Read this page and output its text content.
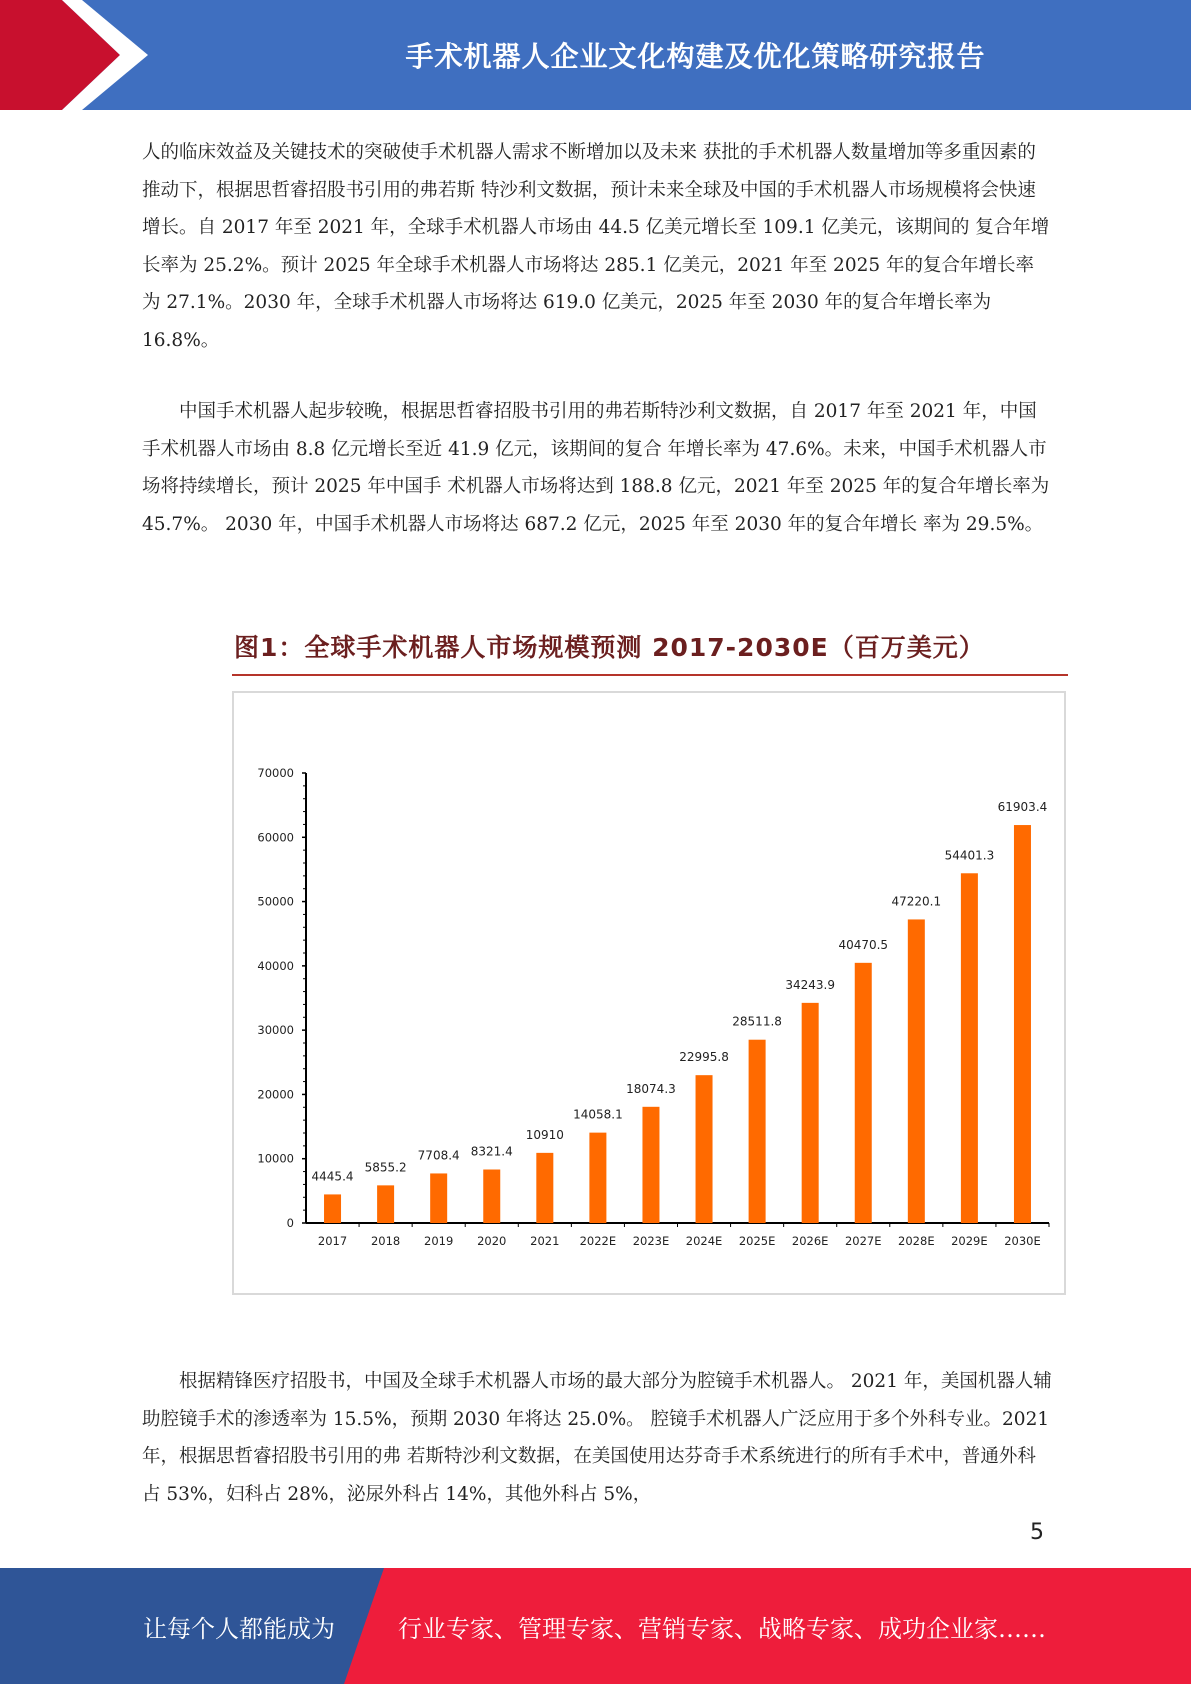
手术机器人企业文化构建及优化策略研究报告

人的临床效益及关键技术的突破使手术机器人需求不断增加以及未来 获批的手术机器人数量增加等多重因素的推动下，根据思哲睿招股书引用的弗若斯 特沙利文数据，预计未来全球及中国的手术机器人市场规模将会快速增长。自 2017 年至 2021 年，全球手术机器人市场由 44.5 亿美元增长至 109.1 亿美元，该期间的 复合年增长率为 25.2%。预计 2025 年全球手术机器人市场将达 285.1 亿美元，2021 年至 2025 年的复合年增长率为 27.1%。2030 年，全球手术机器人市场将达 619.0 亿美元，2025 年至 2030 年的复合年增长率为 16.8%。

中国手术机器人起步较晚，根据思哲睿招股书引用的弗若斯特沙利文数据，自 2017 年至 2021 年，中国手术机器人市场由 8.8 亿元增长至近 41.9 亿元，该期间的复合 年增长率为 47.6%。未来，中国手术机器人市场将持续增长，预计 2025 年中国手 术机器人市场将达到 188.8 亿元，2021 年至 2025 年的复合年增长率为 45.7%。 2030 年，中国手术机器人市场将达 687.2 亿元，2025 年至 2030 年的复合年增长 率为 29.5%。

图1：全球手术机器人市场规模预测 2017-2030E（百万美元）
0
10000
20000
30000
40000
50000
60000
70000
4445.4
2017
5855.2
2018
7708.4
2019
8321.4
2020
10910
2021
14058.1
2022E
18074.3
2023E
22995.8
2024E
28511.8
2025E
34243.9
2026E
40470.5
2027E
47220.1
2028E
54401.3
2029E
61903.4
2030E

根据精锋医疗招股书，中国及全球手术机器人市场的最大部分为腔镜手术机器人。 2021 年，美国机器人辅助腔镜手术的渗透率为 15.5%，预期 2030 年将达 25.0%。 腔镜手术机器人广泛应用于多个外科专业。2021 年，根据思哲睿招股书引用的弗 若斯特沙利文数据，在美国使用达芬奇手术系统进行的所有手术中，普通外科占 53%，妇科占 28%，泌尿外科占 14%，其他外科占 5%，

5
让每个人都能成为	行业专家、管理专家、营销专家、战略专家、成功企业家……
